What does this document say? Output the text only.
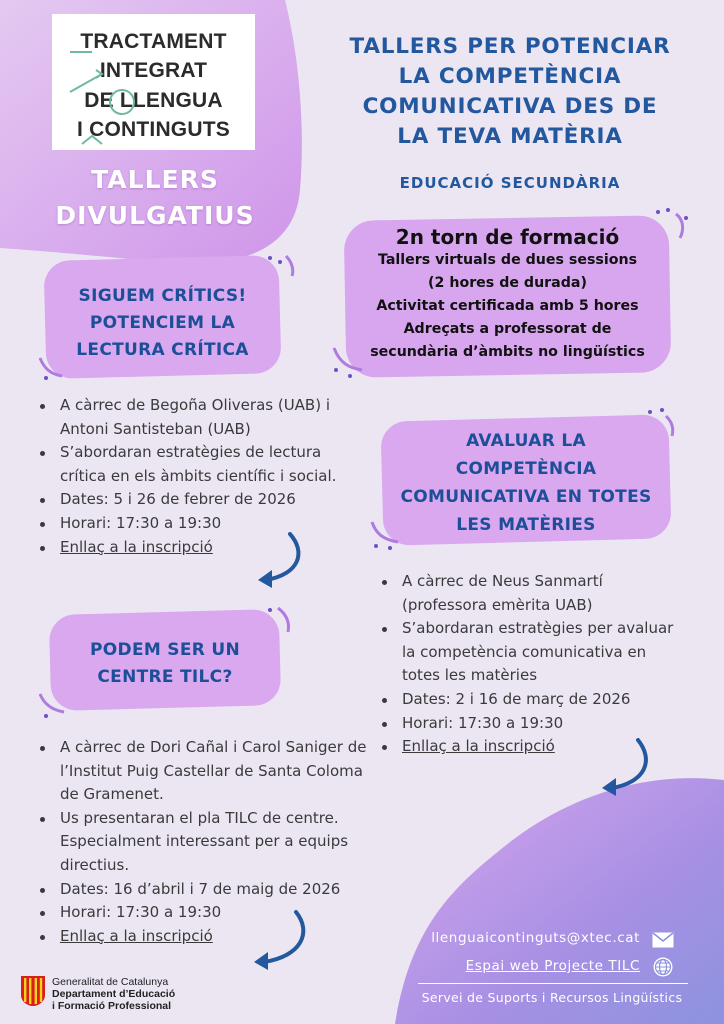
TRACTAMENT
INTEGRAT
DE LLENGUA
I CONTINGUTS
TALLERS
DIVULGATIUS
TALLERS PER POTENCIAR
LA COMPETÈNCIA
COMUNICATIVA DES DE
LA TEVA MATÈRIA
EDUCACIÓ SECUNDÀRIA
2n torn de formació
Tallers virtuals de dues sessions
(2 hores de durada)
Activitat certificada amb 5 hores
Adreçats a professorat de
secundària d’àmbits no lingüístics
SIGUEM CRÍTICS!
POTENCIEM LA
LECTURA CRÍTICA
A càrrec de Begoña Oliveras (UAB) i Antoni Santisteban (UAB)
S’abordaran estratègies de lectura crítica en els àmbits científic i social.
Dates: 5 i 26 de febrer de 2026
Horari: 17:30 a 19:30
Enllaç a la inscripció
AVALUAR LA
COMPETÈNCIA
COMUNICATIVA EN TOTES
LES MATÈRIES
A càrrec de Neus Sanmartí (professora emèrita UAB)
S’abordaran estratègies per avaluar la competència comunicativa en totes les matèries
Dates: 2 i 16 de març de 2026
Horari: 17:30 a 19:30
Enllaç a la inscripció
PODEM SER UN
CENTRE TILC?
A càrrec de Dori Cañal i Carol Saniger de l’Institut Puig Castellar de Santa Coloma de Gramenet.
Us presentaran el pla TILC de centre. Especialment interessant per a equips directius.
Dates: 16 d’abril i 7 de maig de 2026
Horari: 17:30 a 19:30
Enllaç a la inscripció	llenguaicontinguts@xtec.cat
Espai web Projecte TILC
Servei de Suports i Recursos Lingüístics
Generalitat de Catalunya
Departament d’Educació
i Formació Professional
